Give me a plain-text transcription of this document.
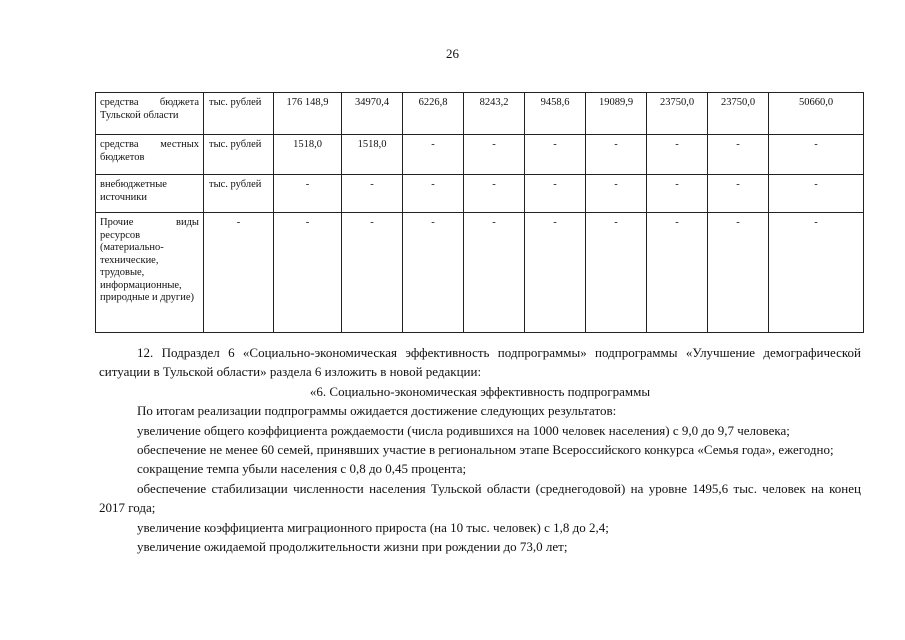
26
средства бюджета Тульской области	тыс. рублей	176 148,9	34970,4	6226,8	8243,2	9458,6	19089,9	23750,0	23750,0	50660,0
средства местных бюджетов	тыс. рублей	1518,0	1518,0	-	-	-	-	-	-	-
внебюджетные источники	тыс. рублей	-	-	-	-	-	-	-	-	-
Прочие виды ресурсов (материально-технические, трудовые, информационные, природные и другие)	-	-	-	-	-	-	-	-	-	-

12. Подраздел 6 «Социально-экономическая эффективность подпрограммы» подпрограммы «Улучшение демографической ситуации в Тульской области» раздела 6 изложить в новой редакции:

«6. Социально-экономическая эффективность подпрограммы

По итогам реализации подпрограммы ожидается достижение следующих результатов:

увеличение общего коэффициента рождаемости (числа родившихся на 1000 человек населения) с 9,0 до 9,7 человека;

обеспечение не менее 60 семей, принявших участие в региональном этапе Всероссийского конкурса «Семья года», ежегодно;

сокращение темпа убыли населения с 0,8 до 0,45 процента;

обеспечение стабилизации численности населения Тульской области (среднегодовой) на уровне 1495,6 тыс. человек на конец 2017 года;

увеличение коэффициента миграционного прироста (на 10 тыс. человек) с 1,8 до 2,4;

увеличение ожидаемой продолжительности жизни при рождении до 73,0 лет;
